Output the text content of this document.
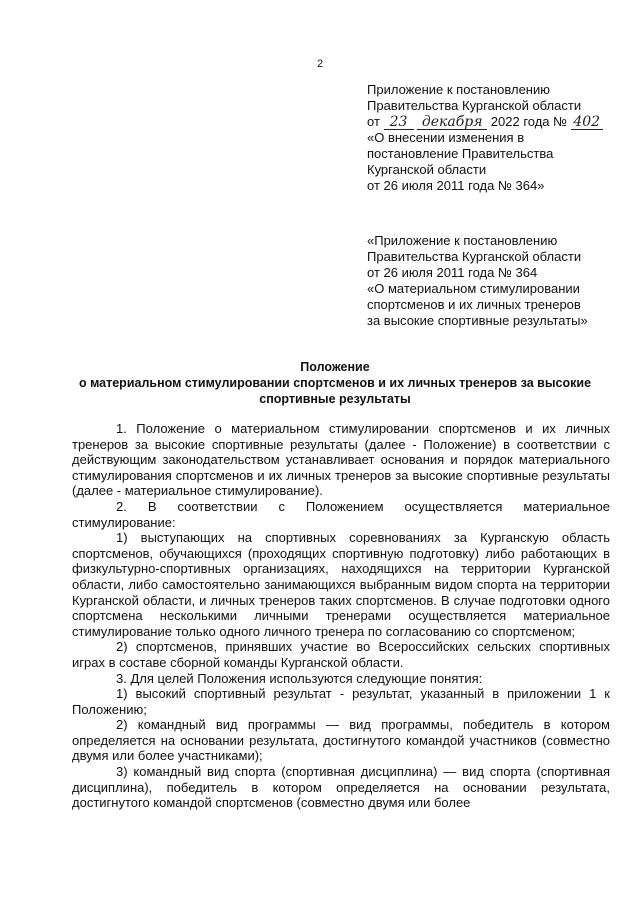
2
Приложение к постановлению
Правительства Курганской области
от 23 декабря 2022 года № 402
«О внесении изменения в
постановление Правительства
Курганской области
от 26 июля 2011 года № 364»
«Приложение к постановлению
Правительства Курганской области
от 26 июля 2011 года № 364
«О материальном стимулировании
спортсменов и их личных тренеров
за высокие спортивные результаты»
Положение
о материальном стимулировании спортсменов и их личных тренеров за высокие
спортивные результаты

1. Положение о материальном стимулировании спортсменов и их личных тренеров за высокие спортивные результаты (далее - Положение) в соответствии с действующим законодательством устанавливает основания и порядок материального стимулирования спортсменов и их личных тренеров за высокие спортивные результаты (далее - материальное стимулирование).

2. В соответствии с Положением осуществляется материальное стимулирование:

1) выступающих на спортивных соревнованиях за Курганскую область спортсменов, обучающихся (проходящих спортивную подготовку) либо работающих в физкультурно-спортивных организациях, находящихся на территории Курганской области, либо самостоятельно занимающихся выбранным видом спорта на территории Курганской области, и личных тренеров таких спортсменов. В случае подготовки одного спортсмена несколькими личными тренерами осуществляется материальное стимулирование только одного личного тренера по согласованию со спортсменом;

2) спортсменов, принявших участие во Всероссийских сельских спортивных играх в составе сборной команды Курганской области.

3. Для целей Положения используются следующие понятия:

1) высокий спортивный результат - результат, указанный в приложении 1 к Положению;

2) командный вид программы — вид программы, победитель в котором определяется на основании результата, достигнутого командой участников (совместно двумя или более участниками);

3) командный вид спорта (спортивная дисциплина) — вид спорта (спортивная дисциплина), победитель в котором определяется на основании результата, достигнутого командой спортсменов (совместно двумя или более
